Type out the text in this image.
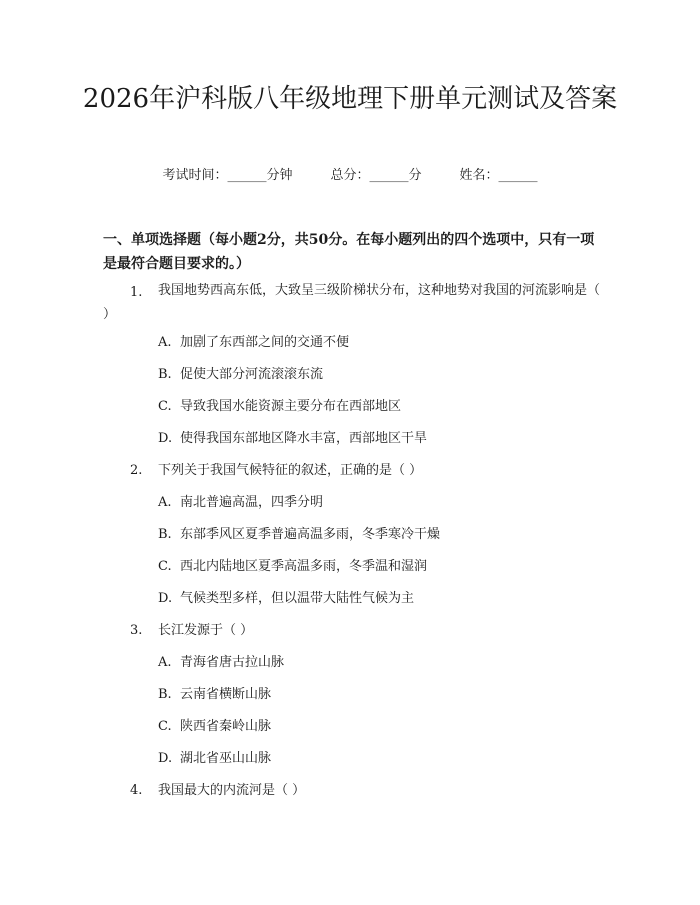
2026年沪科版八年级地理下册单元测试及答案
考试时间：______分钟	总分：______分	姓名：______
一、单项选择题（每小题2分，共50分。在每小题列出的四个选项中，只有一项是最符合题目要求的。）
1.	我国地势西高东低，大致呈三级阶梯状分布，这种地势对我国的河流影响是（ ）
A. 加剧了东西部之间的交通不便
B. 促使大部分河流滚滚东流
C. 导致我国水能资源主要分布在西部地区
D. 使得我国东部地区降水丰富，西部地区干旱
2. 下列关于我国气候特征的叙述，正确的是（ ）
A. 南北普遍高温，四季分明
B. 东部季风区夏季普遍高温多雨，冬季寒冷干燥
C. 西北内陆地区夏季高温多雨，冬季温和湿润
D. 气候类型多样，但以温带大陆性气候为主
3. 长江发源于（ ）
A. 青海省唐古拉山脉
B. 云南省横断山脉
C. 陕西省秦岭山脉
D. 湖北省巫山山脉
4. 我国最大的内流河是（ ）
